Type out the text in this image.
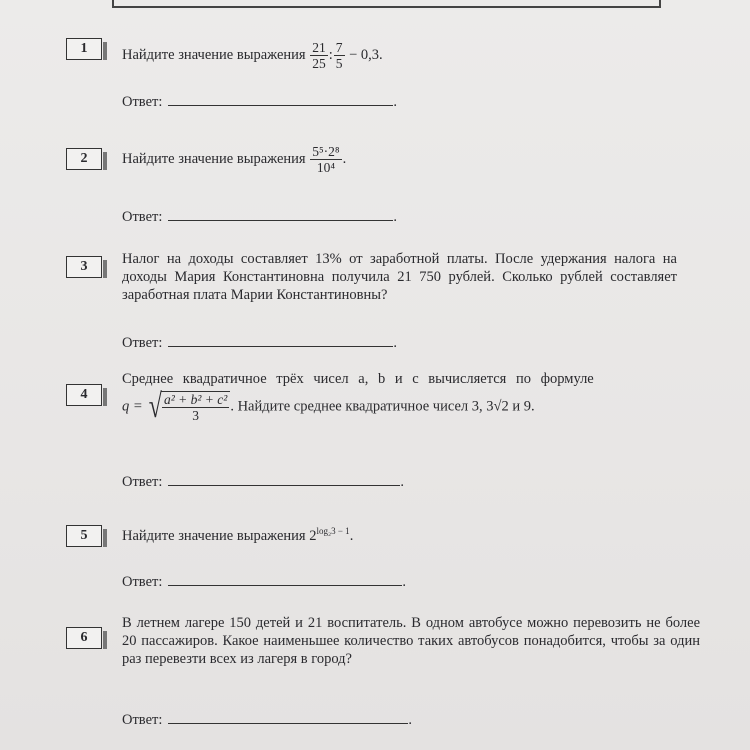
1	Найдите значение выражения $\frac{21}{25}$ : $\frac{7}{5} - 0,3$.
Ответ:	.
2	Найдите значение выражения $\frac{\text{5⁵·2⁸}}{\text{10⁴}}$ .
Ответ:	.
3	Налог на доходы составляет 13% от заработной платы. После удержания налога на доходы Мария Константиновна получила 21 750 рублей. Сколько рублей составляет заработная плата Марии Константиновны?
Ответ:	.
4
Среднее квадратичное трёх чисел a, b и c вычисляется по формуле
q = √ $\frac{\text{a² + b² + c²}}{3}$ . Найдите среднее квадратичное чисел 3, 3√2 и 9.
Ответ:	.
5	Найдите значение выражения $2^{log_23 - 1}$.
Ответ:	.
6
В летнем лагере 150 детей и 21 воспитатель. В одном автобусе можно перевозить не более 20 пассажиров. Какое наименьшее количество таких автобусов понадобится, чтобы за один раз перевезти всех из лагеря в город?
Ответ:	.
